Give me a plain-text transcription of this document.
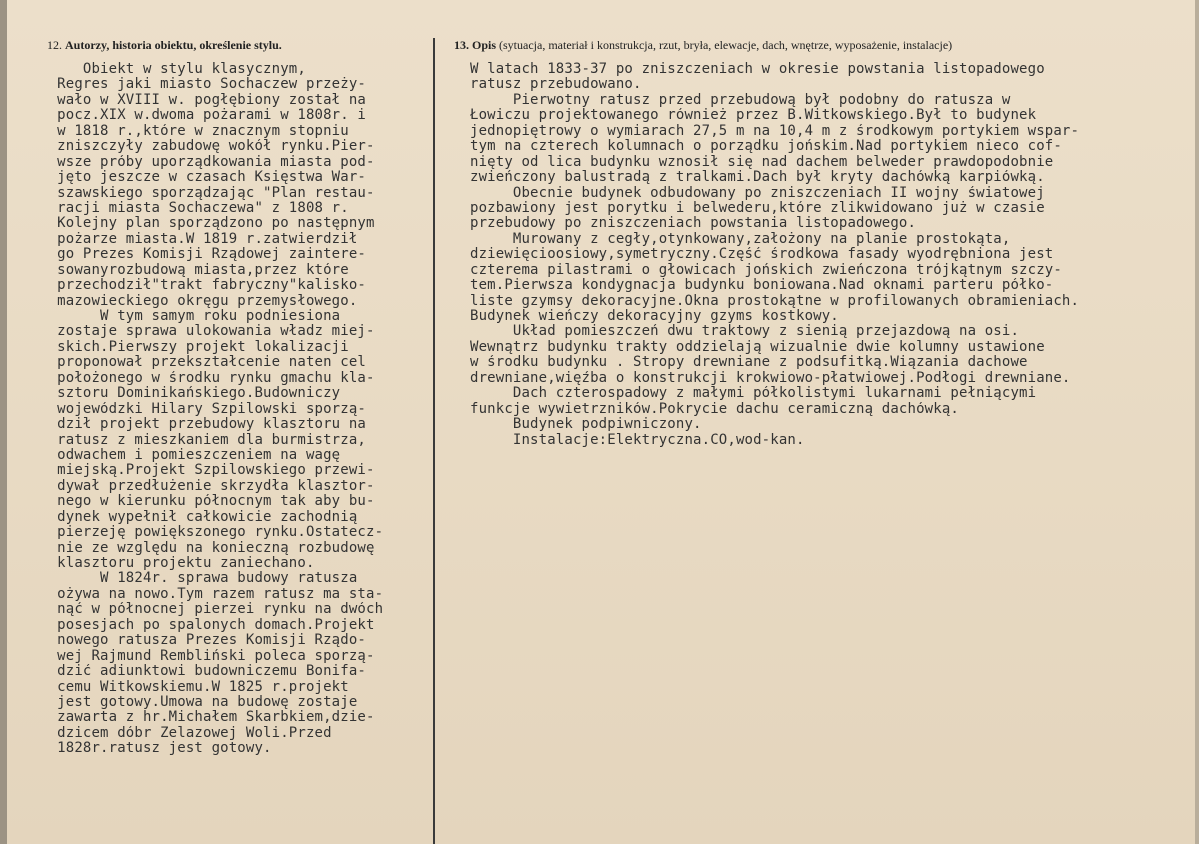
12. Autorzy, historia obiektu, określenie stylu.	13. Opis (sytuacja, materiał i konstrukcja, rzut, bryła, elewacje, dach, wnętrze, wyposażenie, instalacje)
Obiekt w stylu klasycznym,
Regres jaki miasto Sochaczew przeży-
wało w XVIII w. pogłębiony został na
pocz.XIX w.dwoma pożarami w 1808r. i
w 1818 r.,które w znacznym stopniu
zniszczyły zabudowę wokół rynku.Pier-
wsze próby uporządkowania miasta pod-
jęto jeszcze w czasach Księstwa War-
szawskiego sporządzając "Plan restau-
racji miasta Sochaczewa" z 1808 r.
Kolejny plan sporządzono po następnym
pożarze miasta.W 1819 r.zatwierdził
go Prezes Komisji Rządowej zaintere-
sowanyrozbudową miasta,przez które
przechodził"trakt fabryczny"kalisko-
mazowieckiego okręgu przemysłowego.
W tym samym roku podniesiona
zostaje sprawa ulokowania władz miej-
skich.Pierwszy projekt lokalizacji
proponował przekształcenie naten cel
położonego w środku rynku gmachu kla-
sztoru Dominikańskiego.Budowniczy
wojewódzki Hilary Szpilowski sporzą-
dził projekt przebudowy klasztoru na
ratusz z mieszkaniem dla burmistrza,
odwachem i pomieszczeniem na wagę
miejską.Projekt Szpilowskiego przewi-
dywał przedłużenie skrzydła klasztor-
nego w kierunku północnym tak aby bu-
dynek wypełnił całkowicie zachodnią
pierzeję powiększonego rynku.Ostatecz-
nie ze względu na konieczną rozbudowę
klasztoru projektu zaniechano.
W 1824r. sprawa budowy ratusza
ożywa na nowo.Tym razem ratusz ma sta-
nąć w północnej pierzei rynku na dwóch
posesjach po spalonych domach.Projekt
nowego ratusza Prezes Komisji Rządo-
wej Rajmund Rembliński poleca sporzą-
dzić adiunktowi budowniczemu Bonifa-
cemu Witkowskiemu.W 1825 r.projekt
jest gotowy.Umowa na budowę zostaje
zawarta z hr.Michałem Skarbkiem,dzie-
dzicem dóbr Żelazowej Woli.Przed
1828r.ratusz jest gotowy.
W latach 1833-37 po zniszczeniach w okresie powstania listopadowego
ratusz przebudowano.
Pierwotny ratusz przed przebudową był podobny do ratusza w
Łowiczu projektowanego również przez B.Witkowskiego.Był to budynek
jednopiętrowy o wymiarach 27,5 m na 10,4 m z środkowym portykiem wspar-
tym na czterech kolumnach o porządku jońskim.Nad portykiem nieco cof-
nięty od lica budynku wznosił się nad dachem belweder prawdopodobnie
zwieńczony balustradą z tralkami.Dach był kryty dachówką karpiówką.
Obecnie budynek odbudowany po zniszczeniach II wojny światowej
pozbawiony jest porytku i belwederu,które zlikwidowano już w czasie
przebudowy po zniszczeniach powstania listopadowego.
Murowany z cegły,otynkowany,założony na planie prostokąta,
dziewięcioosiowy,symetryczny.Część środkowa fasady wyodrębniona jest
czterema pilastrami o głowicach jońskich zwieńczona trójkątnym szczy-
tem.Pierwsza kondygnacja budynku boniowana.Nad oknami parteru półko-
liste gzymsy dekoracyjne.Okna prostokątne w profilowanych obramieniach.
Budynek wieńczy dekoracyjny gzyms kostkowy.
Układ pomieszczeń dwu traktowy z sienią przejazdową na osi.
Wewnątrz budynku trakty oddzielają wizualnie dwie kolumny ustawione
w środku budynku . Stropy drewniane z podsufitką.Wiązania dachowe
drewniane,więźba o konstrukcji krokwiowo-płatwiowej.Podłogi drewniane.
Dach czterospadowy z małymi półkolistymi lukarnami pełniącymi
funkcje wywietrzników.Pokrycie dachu ceramiczną dachówką.
Budynek podpiwniczony.
Instalacje:Elektryczna.CO,wod-kan.
